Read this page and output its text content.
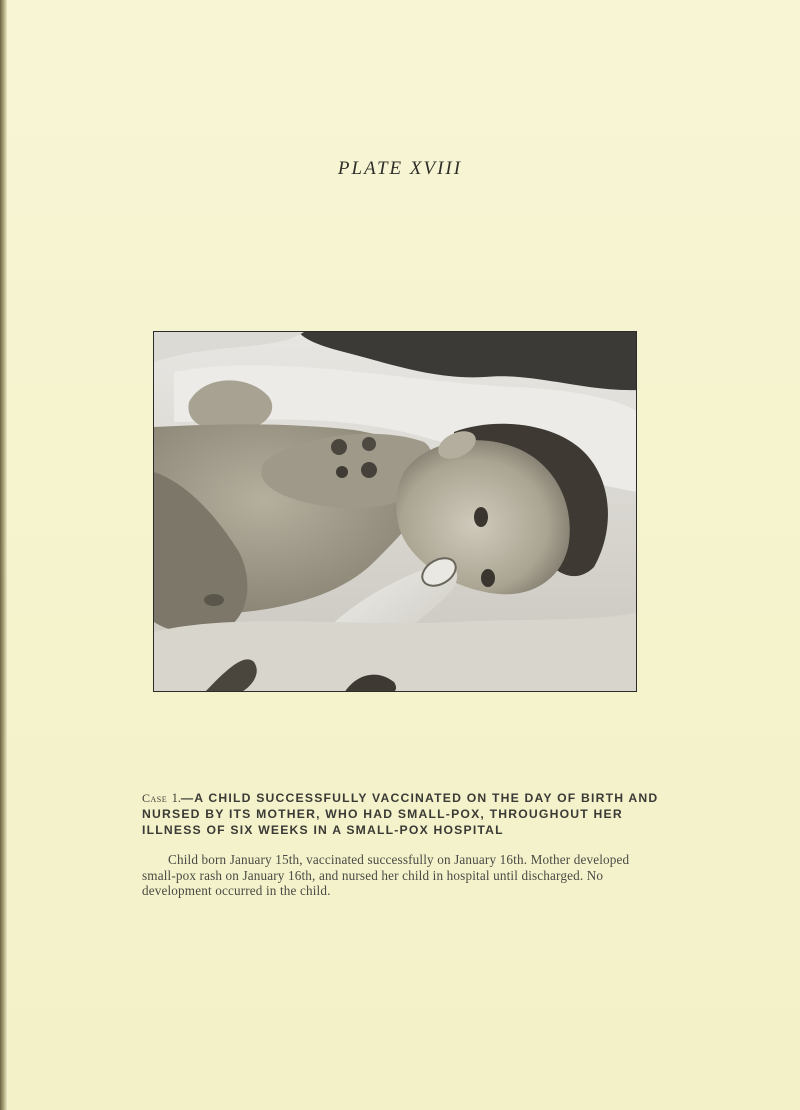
PLATE XVIII
Case 1.—A CHILD SUCCESSFULLY VACCINATED ON THE DAY OF BIRTH AND NURSED BY ITS MOTHER, WHO HAD SMALL-POX, THROUGHOUT HER ILLNESS OF SIX WEEKS IN A SMALL-POX HOSPITAL
Child born January 15th, vaccinated successfully on January 16th. Mother developed small-pox rash on January 16th, and nursed her child in hospital until discharged. No development occurred in the child.
